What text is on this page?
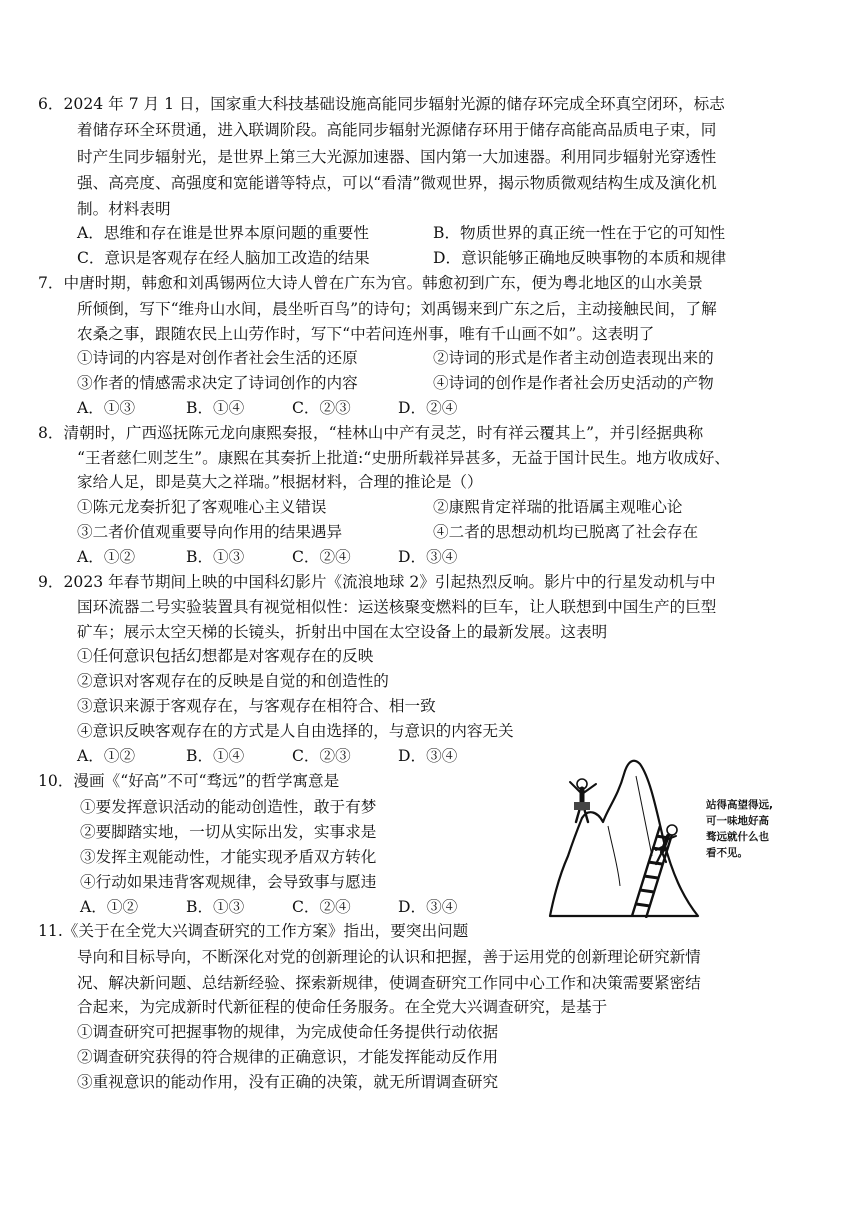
6．2024 年 7 月 1 日，国家重大科技基础设施高能同步辐射光源的储存环完成全环真空闭环，标志
着储存环全环贯通，进入联调阶段。高能同步辐射光源储存环用于储存高能高品质电子束，同
时产生同步辐射光，是世界上第三大光源加速器、国内第一大加速器。利用同步辐射光穿透性
强、高亮度、高强度和宽能谱等特点，可以“看清”微观世界，揭示物质微观结构生成及演化机
制。材料表明
A．思维和存在谁是世界本原问题的重要性	B．物质世界的真正统一性在于它的可知性
C．意识是客观存在经人脑加工改造的结果	D．意识能够正确地反映事物的本质和规律
7．中唐时期，韩愈和刘禹锡两位大诗人曾在广东为官。韩愈初到广东，便为粤北地区的山水美景
所倾倒，写下“维舟山水间，晨坐听百鸟”的诗句；刘禹锡来到广东之后，主动接触民间，了解
农桑之事，跟随农民上山劳作时，写下“中若问连州事，唯有千山画不如”。这表明了
①诗词的内容是对创作者社会生活的还原	②诗词的形式是作者主动创造表现出来的
③作者的情感需求决定了诗词创作的内容	④诗词的创作是作者社会历史活动的产物
A．①③	B．①④	C．②③	D．②④
8．清朝时，广西巡抚陈元龙向康熙奏报，“桂林山中产有灵芝，时有祥云覆其上”，并引经据典称
“王者慈仁则芝生”。康熙在其奏折上批道:“史册所载祥异甚多，无益于国计民生。地方收成好、
家给人足，即是莫大之祥瑞。”根据材料，合理的推论是（）
①陈元龙奏折犯了客观唯心主义错误	②康熙肯定祥瑞的批语属主观唯心论
③二者价值观重要导向作用的结果遇异	④二者的思想动机均已脱离了社会存在
A．①②	B．①③	C．②④	D．③④
9．2023 年春节期间上映的中国科幻影片《流浪地球 2》引起热烈反响。影片中的行星发动机与中
国环流器二号实验装置具有视觉相似性：运送核聚变燃料的巨车，让人联想到中国生产的巨型
矿车；展示太空天梯的长镜头，折射出中国在太空设备上的最新发展。这表明
①任何意识包括幻想都是对客观存在的反映
②意识对客观存在的反映是自觉的和创造性的
③意识来源于客观存在，与客观存在相符合、相一致
④意识反映客观存在的方式是人自由选择的，与意识的内容无关
A．①②	B．①④	C．②③	D．③④
10．漫画《“好高”不可“骛远”的哲学寓意是
①要发挥意识活动的能动创造性，敢于有梦
②要脚踏实地，一切从实际出发，实事求是
③发挥主观能动性，才能实现矛盾双方转化
④行动如果违背客观规律，会导致事与愿违
A．①②	B．①③	C．②④	D．③④
站得高望得远,
可一味地好高
骛远就什么也
看不见。
11.《关于在全党大兴调查研究的工作方案》指出，要突出问题
导向和目标导向，不断深化对党的创新理论的认识和把握，善于运用党的创新理论研究新情
况、解决新问题、总结新经验、探索新规律，使调查研究工作同中心工作和决策需要紧密结
合起来，为完成新时代新征程的使命任务服务。在全党大兴调查研究，是基于
①调查研究可把握事物的规律，为完成使命任务提供行动依据
②调查研究获得的符合规律的正确意识，才能发挥能动反作用
③重视意识的能动作用，没有正确的决策，就无所谓调查研究
